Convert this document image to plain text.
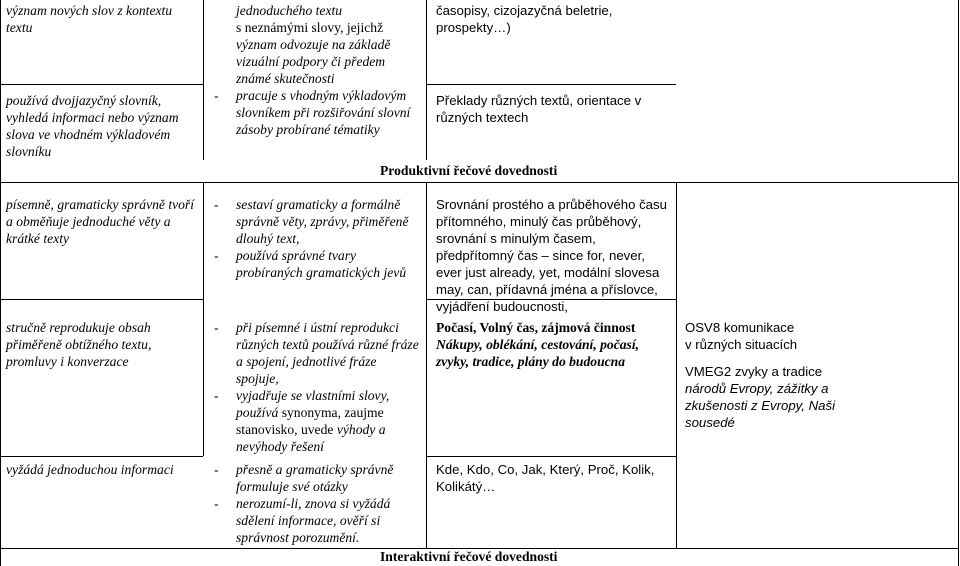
význam nových slov z kontextu textu
používá dvojjazyčný slovník, vyhledá informaci nebo význam slova ve vhodném výkladovém slovníku
písemně, gramaticky správně tvoří a obměňuje jednoduché věty a krátké texty
stručně reprodukuje obsah přiměřeně obtížného textu, promluvy i konverzace
vyžádá jednoduchou informaci
jednoduchého textu
s neznámými slovy, jejichž
význam odvozuje na základě vizuální podpory či předem známé skutečnosti
- pracuje s vhodným výkladovým slovníkem při rozšiřování slovní zásoby probírané tématiky
- sestaví gramaticky a formálně správně věty, zprávy, přiměřeně dlouhý text,
- používá správné tvary probíraných gramatických jevů
- při písemné i ústní reprodukci různých textů používá různé fráze a spojení, jednotlivé fráze spojuje,
- vyjadřuje se vlastními slovy, používá synonyma, zaujme stanovisko, uvede výhody a nevýhody řešení
- přesně a gramaticky správně formuluje své otázky
- nerozumí-li, znova si vyžádá sdělení informace, ověří si správnost porozumění.
časopisy, cizojazyčná beletrie, prospekty…)
Překlady různých textů, orientace v různých textech
Srovnání prostého a průběhového času přítomného, minulý čas průběhový, srovnání s minulým časem, předpřítomný čas – since for, never, ever just already, yet, modální slovesa may, can, přídavná jména a příslovce, vyjádření budoucnosti,
Počasí, Volný čas, zájmová činnost
Nákupy, oblékání, cestování, počasí, zvyky, tradice, plány do budoucna
Kde, Kdo, Co, Jak, Který, Proč, Kolik, Kolikátý…
OSV8 komunikace
v různých situacích
VMEG2 zvyky a tradice
národů Evropy, zážitky a zkušenosti z Evropy, Naši sousedé
Produktivní řečové dovednosti
Interaktivní řečové dovednosti
